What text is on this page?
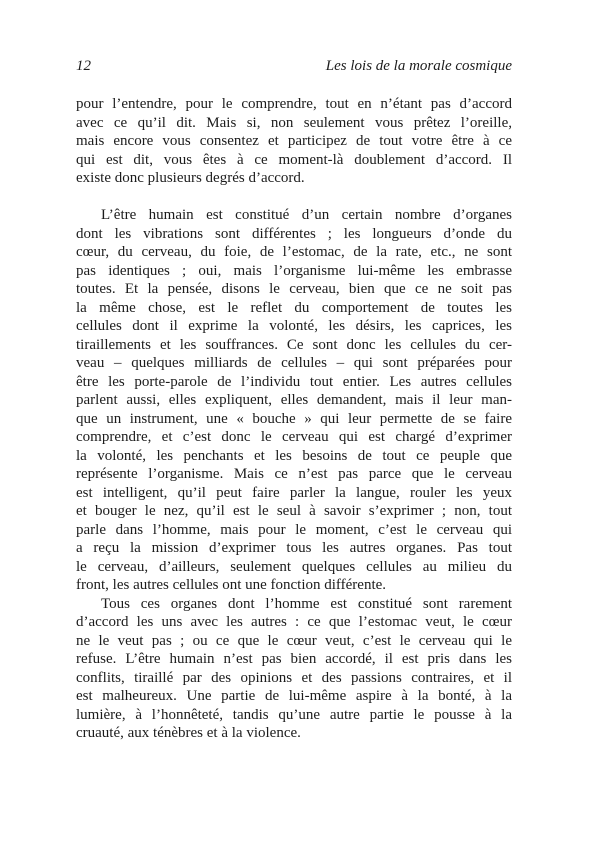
12	Les lois de la morale cosmique
pour l’entendre, pour le comprendre, tout en n’étant pas d’accord
avec ce qu’il dit. Mais si, non seulement vous prêtez l’oreille,
mais encore vous consentez et participez de tout votre être à ce
qui est dit, vous êtes à ce moment-là doublement d’accord. Il
existe donc plusieurs degrés d’accord.
L’être humain est constitué d’un certain nombre d’organes
dont les vibrations sont différentes ; les longueurs d’onde du
cœur, du cerveau, du foie, de l’estomac, de la rate, etc., ne sont
pas identiques ; oui, mais l’organisme lui-même les embrasse
toutes. Et la pensée, disons le cerveau, bien que ce ne soit pas
la même chose, est le reflet du comportement de toutes les
cellules dont il exprime la volonté, les désirs, les caprices, les
tiraillements et les souffrances. Ce sont donc les cellules du cer-
veau – quelques milliards de cellules – qui sont préparées pour
être les porte-parole de l’individu tout entier. Les autres cellules
parlent aussi, elles expliquent, elles demandent, mais il leur man-
que un instrument, une « bouche » qui leur permette de se faire
comprendre, et c’est donc le cerveau qui est chargé d’exprimer
la volonté, les penchants et les besoins de tout ce peuple que
représente l’organisme. Mais ce n’est pas parce que le cerveau
est intelligent, qu’il peut faire parler la langue, rouler les yeux
et bouger le nez, qu’il est le seul à savoir s’exprimer ; non, tout
parle dans l’homme, mais pour le moment, c’est le cerveau qui
a reçu la mission d’exprimer tous les autres organes. Pas tout
le cerveau, d’ailleurs, seulement quelques cellules au milieu du
front, les autres cellules ont une fonction différente.
Tous ces organes dont l’homme est constitué sont rarement
d’accord les uns avec les autres : ce que l’estomac veut, le cœur
ne le veut pas ; ou ce que le cœur veut, c’est le cerveau qui le
refuse. L’être humain n’est pas bien accordé, il est pris dans les
conflits, tiraillé par des opinions et des passions contraires, et il
est malheureux. Une partie de lui-même aspire à la bonté, à la
lumière, à l’honnêteté, tandis qu’une autre partie le pousse à la
cruauté, aux ténèbres et à la violence.
